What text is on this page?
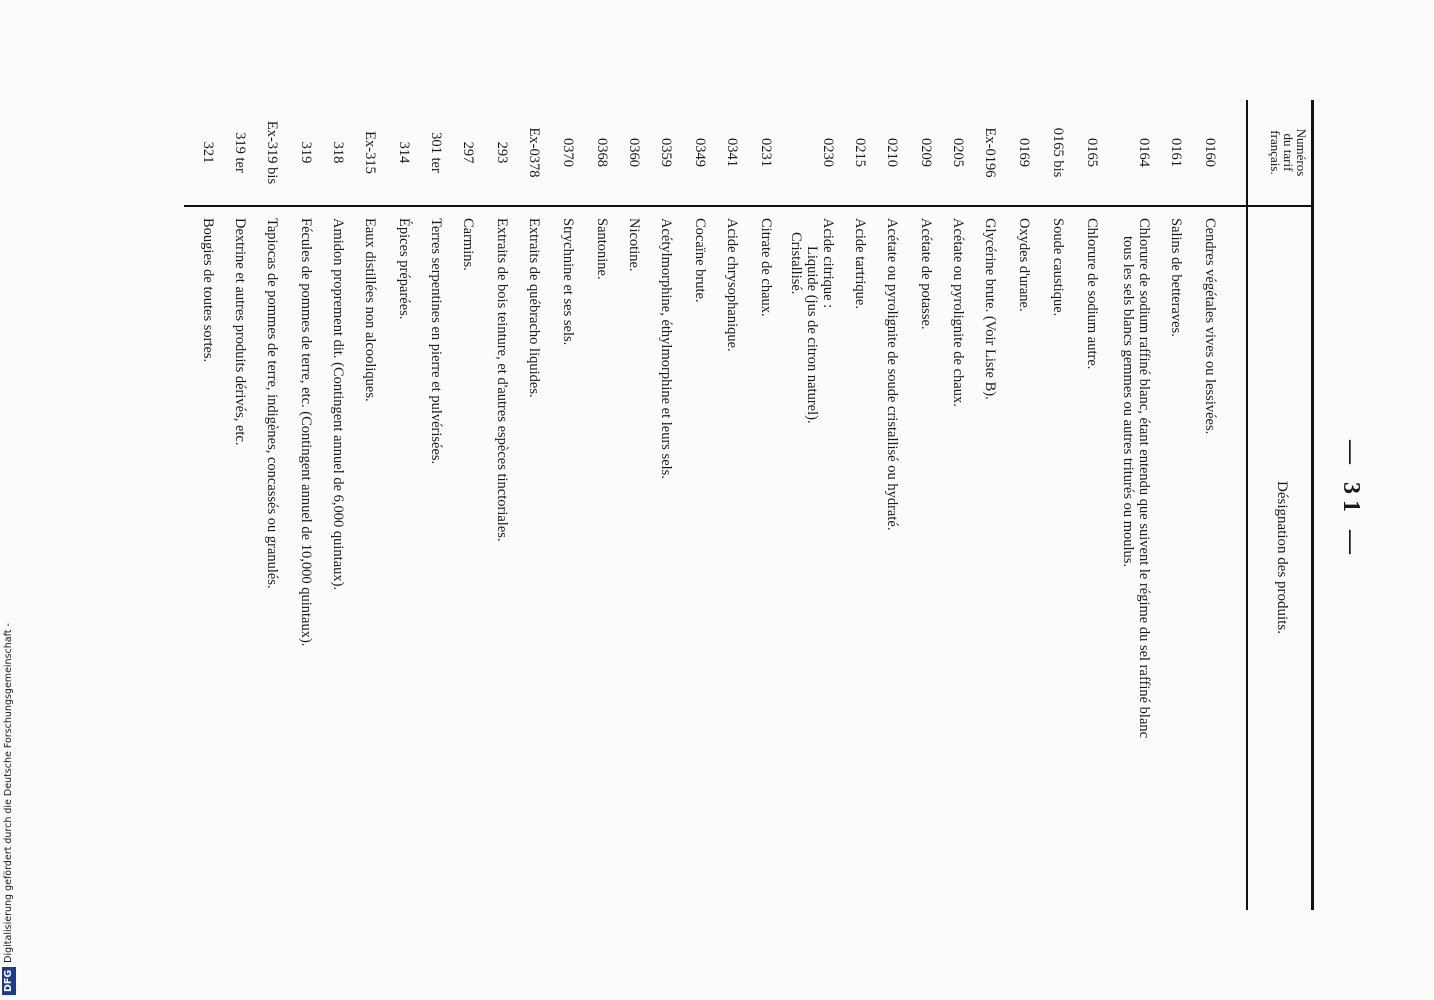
— 31 —
Numéros
du tarif
français.
Désignation des produits.
0160
Cendres végétales vives ou lessivées.
0161
Salins de betteraves.
0164
Chlorure de sodium raffiné blanc, étant entendu que suivent le régime du sel raffiné blanc
tous les sels blancs gemmes ou autres triturés ou moulus.
0165
Chlorure de sodium autre.
0165 bis
Soude caustique.
0169
Oxydes d'urane.
Ex-0196
Glycérine brute. (Voir Liste B).
0205
Acétate ou pyrolignite de chaux.
0209
Acétate de potasse.
0210
Acétate ou pyrolignite de soude cristallisé ou hydraté.
0215
Acide tartrique.
0230
Acide citrique :
Liquide (jus de citron naturel).
Cristallisé.
0231
Citrate de chaux.
0341
Acide chrysophanique.
0349
Cocaïne brute.
0359
Acétylmorphine, éthylmorphine et leurs sels.
0360
Nicotine.
0368
Santonine.
0370
Strychnine et ses sels.
Ex-0378
Extraits de québracho liquides.
293
Extraits de bois teinture, et d'autres espèces tinctoriales.
297
Carmins.
301 ter
Terres serpentines en pierre et pulvérisées.
314
Épices préparées.
Ex-315
Eaux distillées non alcooliques.
318
Amidon proprement dit. (Contingent annuel de 6,000 quintaux).
319
Fécules de pommes de terre, etc. (Contingent annuel de 10,000 quintaux).
Ex-319 bis
Tapiocas de pommes de terre, indigènes, concassés ou granulés.
319 ter
Dextrine et autres produits dérivés, etc.
321
Bougies de toutes sortes.
DFGDigitalisierung gefördert durch die Deutsche Forschungsgemeinschaft -
